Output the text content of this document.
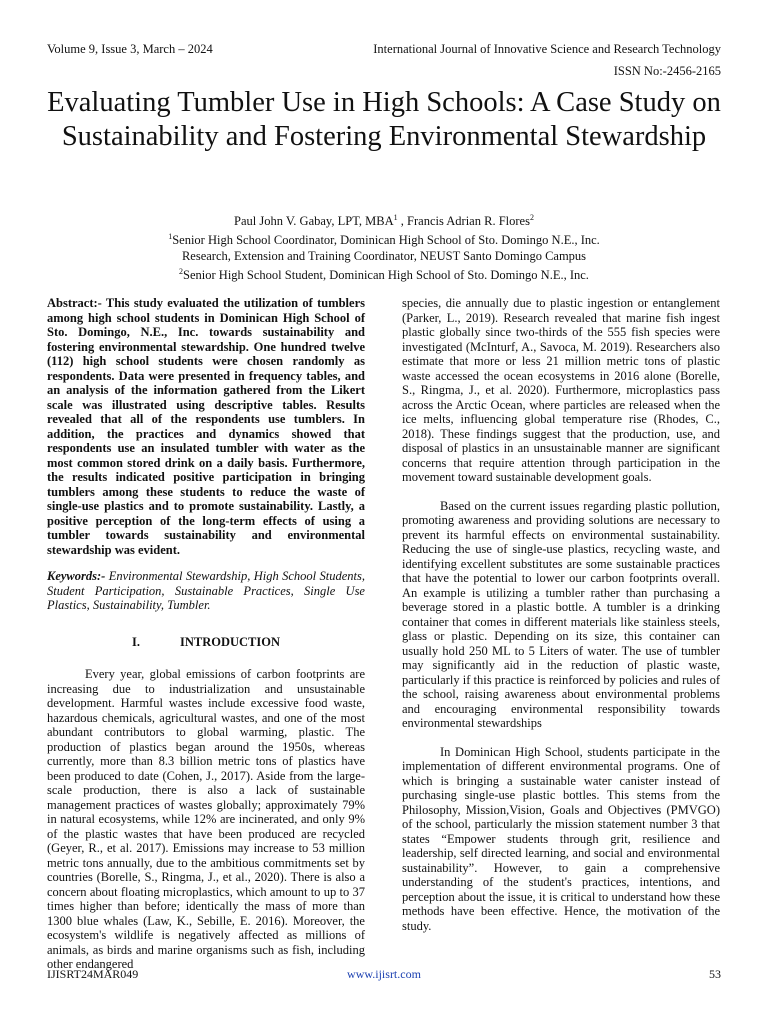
Volume 9, Issue 3, March – 2024	International Journal of Innovative Science and Research Technology
ISSN No:-2456-2165
Evaluating Tumbler Use in High Schools: A Case Study on Sustainability and Fostering Environmental Stewardship
Paul John V. Gabay, LPT, MBA$^1$ , Francis Adrian R. Flores$^2$
$^1$Senior High School Coordinator, Dominican High School of Sto. Domingo N.E., Inc.
Research, Extension and Training Coordinator, NEUST Santo Domingo Campus
$^2$Senior High School Student, Dominican High School of Sto. Domingo N.E., Inc.

Abstract:- This study evaluated the utilization of tumblers among high school students in Dominican High School of Sto. Domingo, N.E., Inc. towards sustainability and fostering environmental stewardship. One hundred twelve (112) high school students were chosen randomly as respondents. Data were presented in frequency tables, and an analysis of the information gathered from the Likert scale was illustrated using descriptive tables. Results revealed that all of the respondents use tumblers. In addition, the practices and dynamics showed that respondents use an insulated tumbler with water as the most common stored drink on a daily basis. Furthermore, the results indicated positive participation in bringing tumblers among these students to reduce the waste of single-use plastics and to promote sustainability. Lastly, a positive perception of the long-term effects of using a tumbler towards sustainability and environmental stewardship was evident.

Keywords:- Environmental Stewardship, High School Students, Student Participation, Sustainable Practices, Single Use Plastics, Sustainability, Tumbler.

I.	INTRODUCTION

Every year, global emissions of carbon footprints are increasing due to industrialization and unsustainable development. Harmful wastes include excessive food waste, hazardous chemicals, agricultural wastes, and one of the most abundant contributors to global warming, plastic. The production of plastics began around the 1950s, whereas currently, more than 8.3 billion metric tons of plastics have been produced to date (Cohen, J., 2017). Aside from the large-scale production, there is also a lack of sustainable management practices of wastes globally; approximately 79% in natural ecosystems, while 12% are incinerated, and only 9% of the plastic wastes that have been produced are recycled (Geyer, R., et al. 2017). Emissions may increase to 53 million metric tons annually, due to the ambitious commitments set by countries (Borelle, S., Ringma, J., et al., 2020). There is also a concern about floating microplastics, which amount to up to 37 times higher than before; identically the mass of more than 1300 blue whales (Law, K., Sebille, E. 2016). Moreover, the ecosystem's wildlife is negatively affected as millions of animals, as birds and marine organisms such as fish, including other endangered

species, die annually due to plastic ingestion or entanglement (Parker, L., 2019). Research revealed that marine fish ingest plastic globally since two-thirds of the 555 fish species were investigated (McInturf, A., Savoca, M. 2019). Researchers also estimate that more or less 21 million metric tons of plastic waste accessed the ocean ecosystems in 2016 alone (Borelle, S., Ringma, J., et al. 2020). Furthermore, microplastics pass across the Arctic Ocean, where particles are released when the ice melts, influencing global temperature rise (Rhodes, C., 2018). These findings suggest that the production, use, and disposal of plastics in an unsustainable manner are significant concerns that require attention through participation in the movement toward sustainable development goals.

Based on the current issues regarding plastic pollution, promoting awareness and providing solutions are necessary to prevent its harmful effects on environmental sustainability. Reducing the use of single-use plastics, recycling waste, and identifying excellent substitutes are some sustainable practices that have the potential to lower our carbon footprints overall. An example is utilizing a tumbler rather than purchasing a beverage stored in a plastic bottle. A tumbler is a drinking container that comes in different materials like stainless steels, glass or plastic. Depending on its size, this container can usually hold 250 ML to 5 Liters of water. The use of tumbler may significantly aid in the reduction of plastic waste, particularly if this practice is reinforced by policies and rules of the school, raising awareness about environmental problems and encouraging environmental responsibility towards environmental stewardships

In Dominican High School, students participate in the implementation of different environmental programs. One of which is bringing a sustainable water canister instead of purchasing single-use plastic bottles. This stems from the Philosophy, Mission,Vision, Goals and Objectives (PMVGO) of the school, particularly the mission statement number 3 that states “Empower students through grit, resilience and leadership, self directed learning, and social and environmental sustainability”. However, to gain a comprehensive understanding of the student's practices, intentions, and perception about the issue, it is critical to understand how these methods have been effective. Hence, the motivation of the study.

IJISRT24MAR049	www.ijisrt.com	53
